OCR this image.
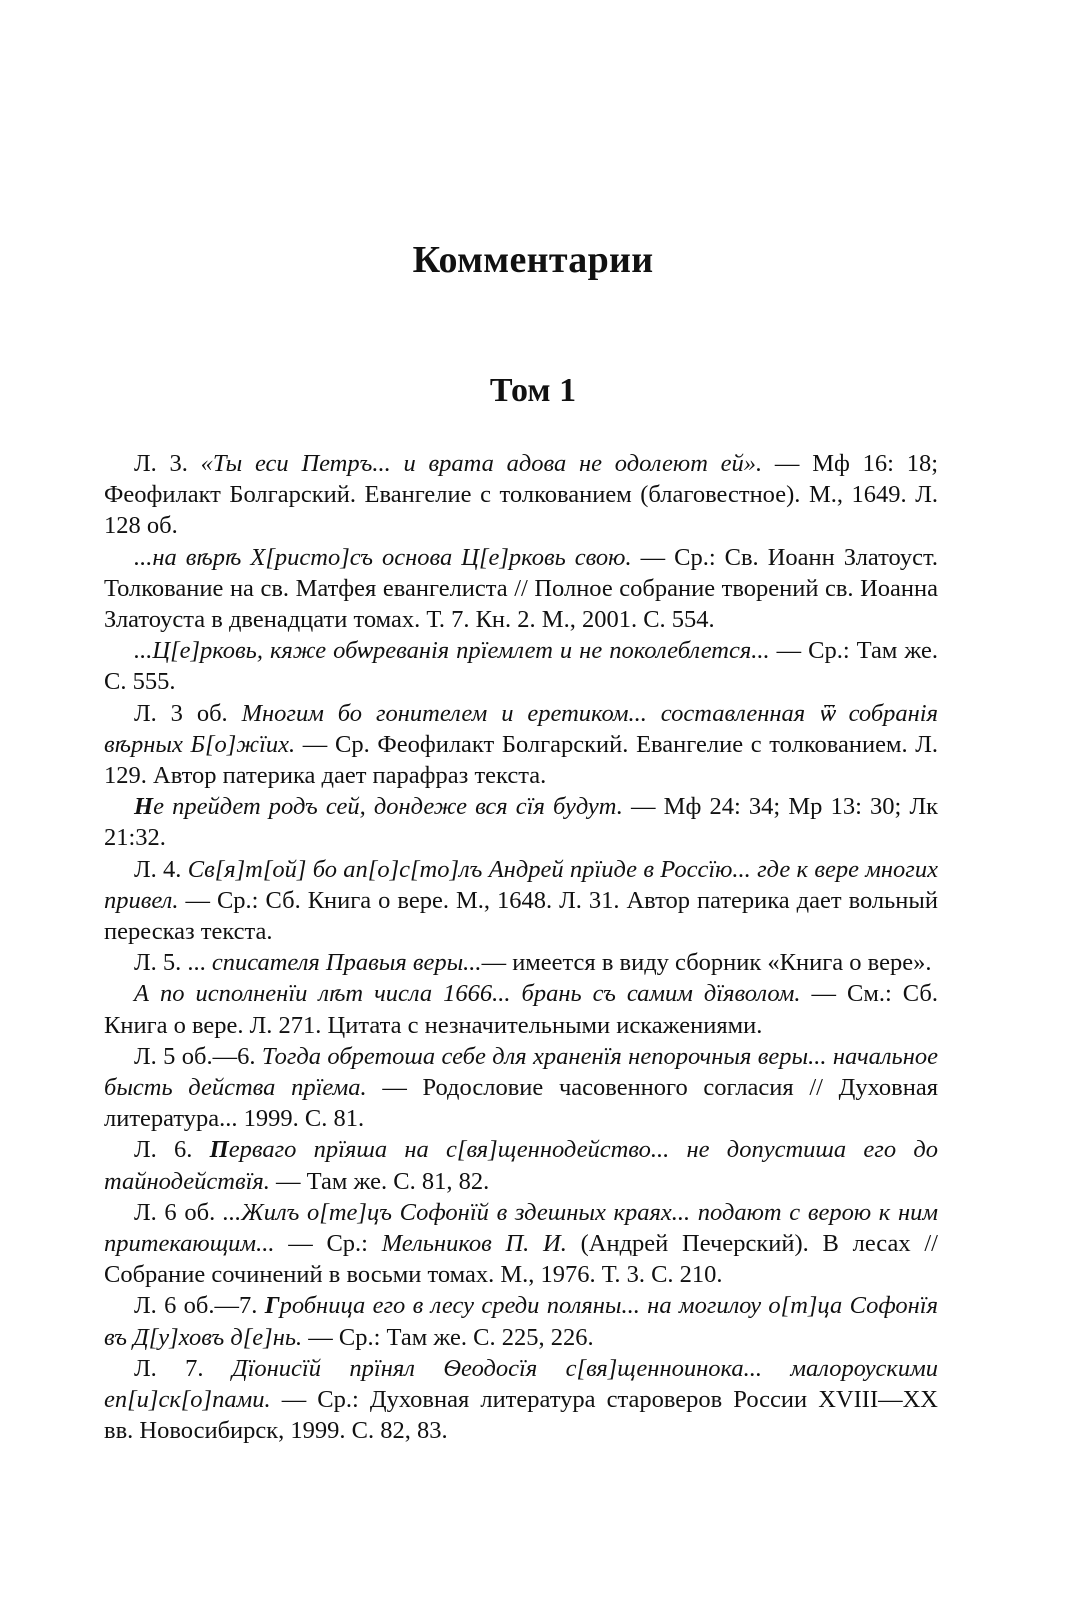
Комментарии
Том 1

Л. 3. «Ты еси Петръ... и врата адова не одолеют ей». — Мф 16: 18; Феофилакт Болгарский. Евангелие с толкованием (благовестное). М., 1649. Л. 128 об.

...на вѣрѣ Х[ристо]съ основа Ц[е]рковь свою. — Ср.: Св. Иоанн Златоуст. Толкование на св. Матфея евангелиста // Полное собрание творений св. Иоанна Златоуста в двенадцати томах. Т. 7. Кн. 2. М., 2001. С. 554.

...Ц[е]рковь, кяже обѡреванія прïемлет и не поколеблется... — Ср.: Там же. С. 555.

Л. 3 об. Многим бо гонителем и еретиком... составленная ѿ собранія вѣрных Б[о]жïих. — Ср. Феофилакт Болгарский. Евангелие с толкованием. Л. 129. Автор патерика дает парафраз текста.

Не прейдет родъ сей, дондеже вся сïя будут. — Мф 24: 34; Мр 13: 30; Лк 21:32.

Л. 4. Св[я]т[ой] бо ап[о]с[то]лъ Андрей прïиде в Россïю... где к вере многих привел. — Ср.: Сб. Книга о вере. М., 1648. Л. 31. Автор патерика дает вольный пересказ текста.

Л. 5. ... списателя Правыя веры...— имеется в виду сборник «Книга о вере».

А по исполненïи лѣт числа 1666... брань съ самим дïяволом. — См.: Сб. Книга о вере. Л. 271. Цитата с незначительными искажениями.

Л. 5 об.—6. Тогда обретоша себе для храненïя непорочныя веры... начальное бысть действа прïема. — Родословие часовенного согласия // Духовная литература... 1999. С. 81.

Л. 6. Перваго прïяша на с[вя]щеннодейство... не допустиша его до тайнодействïя. — Там же. С. 81, 82.

Л. 6 об. ...Жилъ о[те]цъ Софонïй в здешных краях... подают с верою к ним притекающим... — Ср.: Мельников П. И. (Андрей Печерский). В лесах // Собрание сочинений в восьми томах. М., 1976. Т. 3. С. 210.

Л. 6 об.—7. Гробница его в лесу среди поляны... на могилѹ о[т]ца Софонïя въ Д[у]ховъ д[е]нь. — Ср.: Там же. С. 225, 226.

Л. 7. Дïонисïй прïнял Ѳеодосïя с[вя]щенноинока... малорѹскими еп[и]ск[о]пами. — Ср.: Духовная литература староверов России XVIII—XX вв. Новосибирск, 1999. С. 82, 83.
